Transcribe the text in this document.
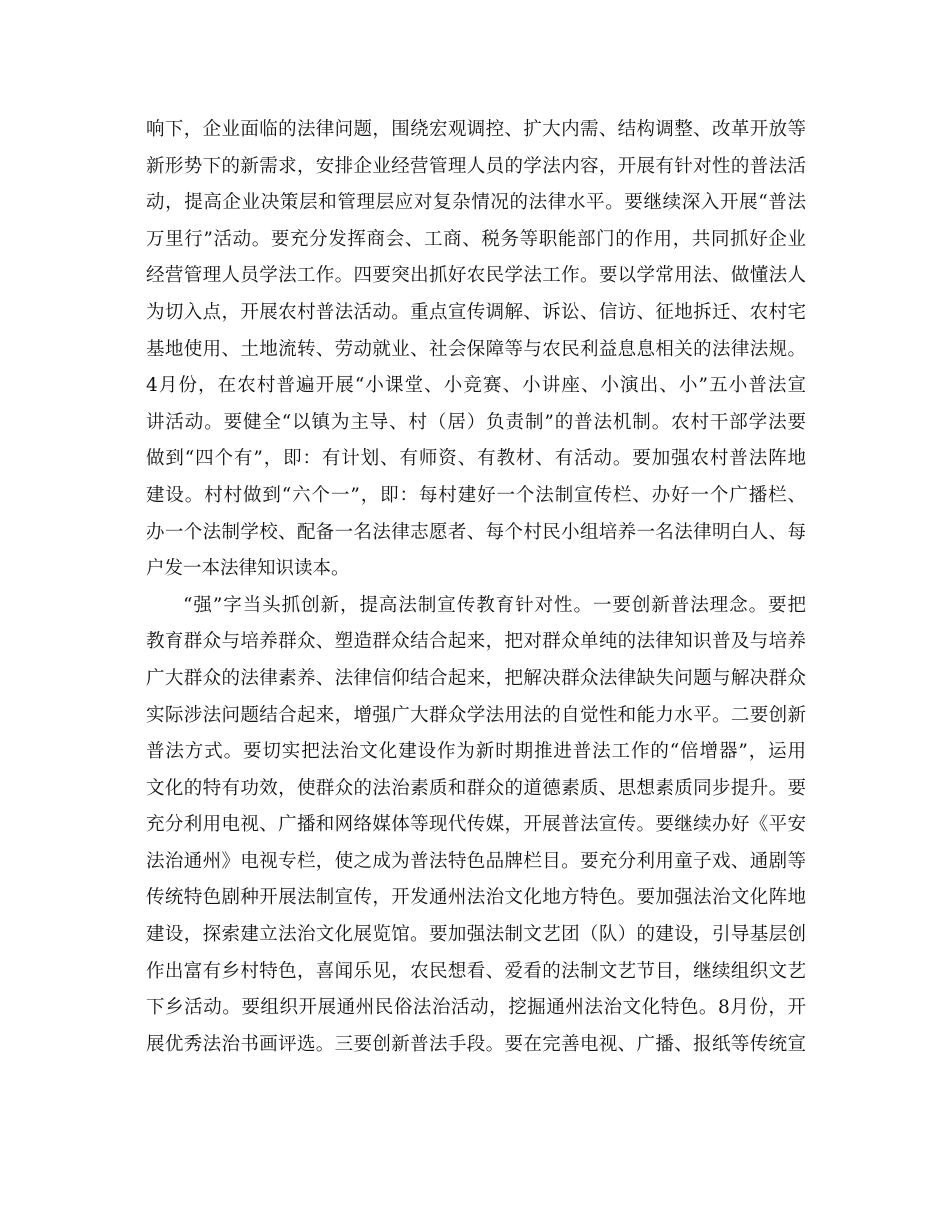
响下，企业面临的法律问题，围绕宏观调控、扩大内需、结构调整、改革开放等
新形势下的新需求，安排企业经营管理人员的学法内容，开展有针对性的普法活
动，提高企业决策层和管理层应对复杂情况的法律水平。要继续深入开展“普法
万里行”活动。要充分发挥商会、工商、税务等职能部门的作用，共同抓好企业
经营管理人员学法工作。四要突出抓好农民学法工作。要以学常用法、做懂法人
为切入点，开展农村普法活动。重点宣传调解、诉讼、信访、征地拆迁、农村宅
基地使用、土地流转、劳动就业、社会保障等与农民利益息息相关的法律法规。
4月份，在农村普遍开展“小课堂、小竞赛、小讲座、小演出、小”五小普法宣
讲活动。要健全“以镇为主导、村（居）负责制”的普法机制。农村干部学法要
做到“四个有”，即：有计划、有师资、有教材、有活动。要加强农村普法阵地
建设。村村做到“六个一”，即：每村建好一个法制宣传栏、办好一个广播栏、
办一个法制学校、配备一名法律志愿者、每个村民小组培养一名法律明白人、每
户发一本法律知识读本。
“强”字当头抓创新，提高法制宣传教育针对性。一要创新普法理念。要把
教育群众与培养群众、塑造群众结合起来，把对群众单纯的法律知识普及与培养
广大群众的法律素养、法律信仰结合起来，把解决群众法律缺失问题与解决群众
实际涉法问题结合起来，增强广大群众学法用法的自觉性和能力水平。二要创新
普法方式。要切实把法治文化建设作为新时期推进普法工作的“倍增器”，运用
文化的特有功效，使群众的法治素质和群众的道德素质、思想素质同步提升。要
充分利用电视、广播和网络媒体等现代传媒，开展普法宣传。要继续办好《平安
法治通州》电视专栏，使之成为普法特色品牌栏目。要充分利用童子戏、通剧等
传统特色剧种开展法制宣传，开发通州法治文化地方特色。要加强法治文化阵地
建设，探索建立法治文化展览馆。要加强法制文艺团（队）的建设，引导基层创
作出富有乡村特色，喜闻乐见，农民想看、爱看的法制文艺节目，继续组织文艺
下乡活动。要组织开展通州民俗法治活动，挖掘通州法治文化特色。8月份，开
展优秀法治书画评选。三要创新普法手段。要在完善电视、广播、报纸等传统宣
